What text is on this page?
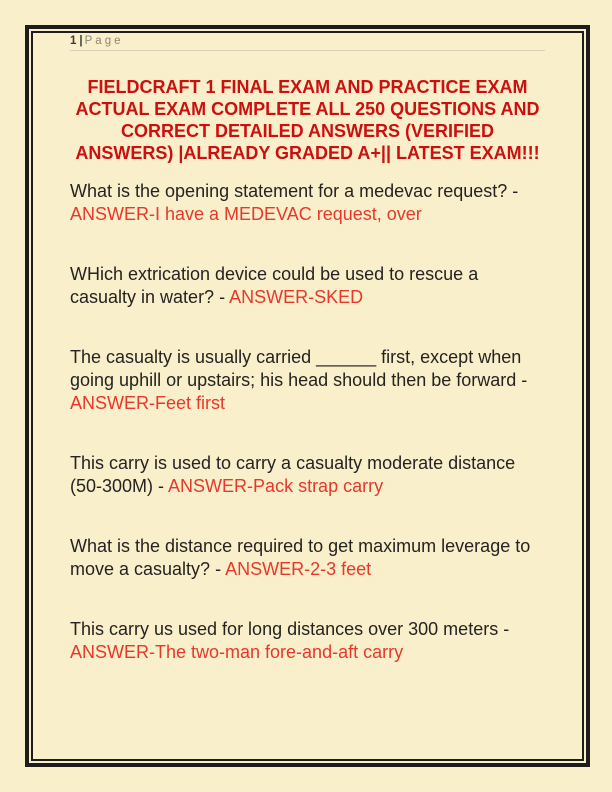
1 | Page
FIELDCRAFT 1 FINAL EXAM AND PRACTICE EXAM
ACTUAL EXAM COMPLETE ALL 250 QUESTIONS AND
CORRECT DETAILED ANSWERS (VERIFIED
ANSWERS) |ALREADY GRADED A+|| LATEST EXAM!!!

What is the opening statement for a medevac request? - ANSWER-I have a MEDEVAC request, over

WHich extrication device could be used to rescue a casualty in water? - ANSWER-SKED

The casualty is usually carried ______ first, except when going uphill or upstairs; his head should then be forward - ANSWER-Feet first

This carry is used to carry a casualty moderate distance (50-300M) - ANSWER-Pack strap carry

What is the distance required to get maximum leverage to move a casualty? - ANSWER-2-3 feet

This carry us used for long distances over 300 meters - ANSWER-The two-man fore-and-aft carry
